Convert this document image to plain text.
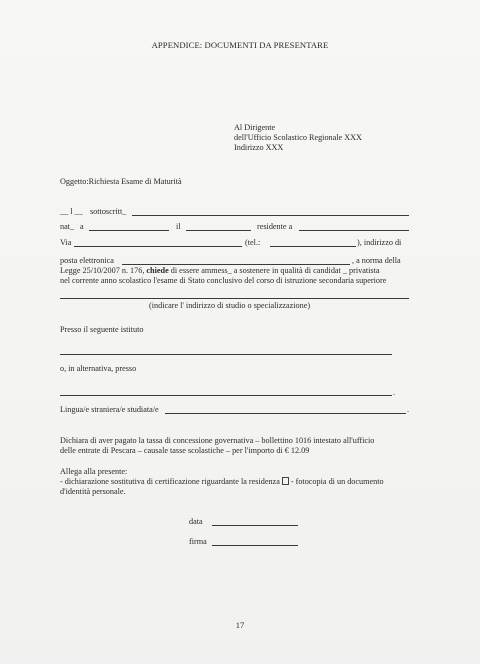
APPENDICE: DOCUMENTI DA PRESENTARE
Al Dirigente
dell'Ufficio Scolastico Regionale XXX
Indirizzo XXX
Oggetto:Richiesta Esame di Maturità
__ l __ sottoscritt_
nat_ a	il	residente a
Via	(tel.:	), indirizzo di
posta elettronica	, a norma della
Legge 25/10/2007 n. 176, chiede di essere ammess_ a sostenere in qualità di candidat _ privatista
nel corrente anno scolastico l'esame di Stato conclusivo del corso di istruzione secondaria superiore
(indicare l' indirizzo di studio o specializzazione)
Presso il seguente istituto
o, in alternativa, presso
.
Lingua/e straniera/e studiata/e	.
Dichiara di aver pagato la tassa di concessione governativa – bollettino 1016 intestato all'ufficio
delle entrate di Pescara – causale tasse scolastiche – per l'importo di € 12.09
Allega alla presente:
- dichiarazione sostitutiva di certificazione riguardante la residenza - fotocopia di un documento
d'identità personale.
data
firma
17
